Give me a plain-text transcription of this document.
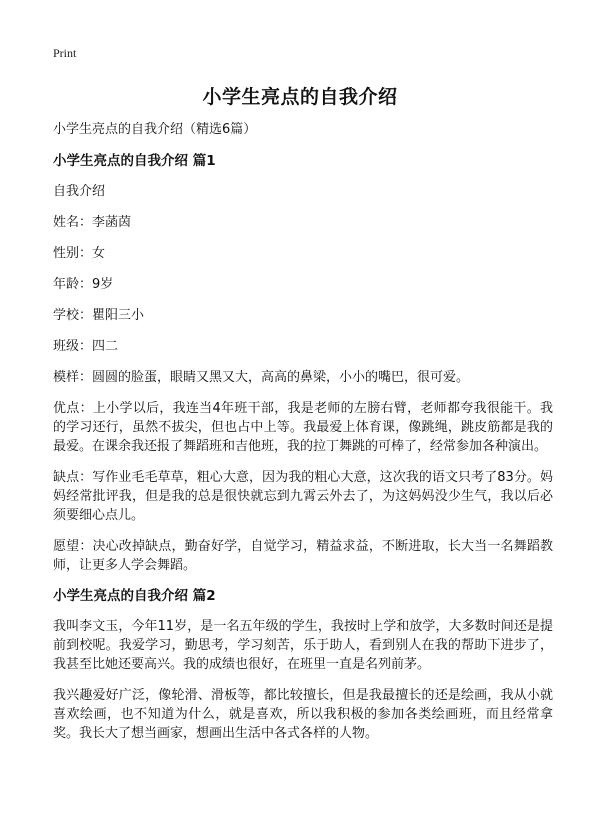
Print
小学生亮点的自我介绍

小学生亮点的自我介绍（精选6篇）

小学生亮点的自我介绍 篇1

自我介绍

姓名：李菡茵

性别：女

年龄：9岁

学校：瞿阳三小

班级：四二

模样：圆圆的脸蛋，眼睛又黑又大，高高的鼻梁，小小的嘴巴，很可爱。

优点：上小学以后，我连当4年班干部，我是老师的左膀右臂，老师都夸我很能干。我的学习还行，虽然不拔尖，但也占中上等。我最爱上体育课，像跳绳，跳皮筋都是我的最爱。在课余我还报了舞蹈班和吉他班，我的拉丁舞跳的可棒了，经常参加各种演出。

缺点：写作业毛毛草草，粗心大意，因为我的粗心大意，这次我的语文只考了83分。妈妈经常批评我，但是我的总是很快就忘到九霄云外去了，为这妈妈没少生气，我以后必须要细心点儿。

愿望：决心改掉缺点，勤奋好学，自觉学习，精益求益，不断进取，长大当一名舞蹈教师，让更多人学会舞蹈。

小学生亮点的自我介绍 篇2

我叫李文玉，今年11岁，是一名五年级的学生，我按时上学和放学，大多数时间还是提前到校呢。我爱学习，勤思考，学习刻苦，乐于助人，看到别人在我的帮助下进步了，我甚至比她还要高兴。我的成绩也很好，在班里一直是名列前茅。

我兴趣爱好广泛，像轮滑、滑板等，都比较擅长，但是我最擅长的还是绘画，我从小就喜欢绘画，也不知道为什么，就是喜欢，所以我积极的参加各类绘画班，而且经常拿奖。我长大了想当画家，想画出生活中各式各样的人物。
